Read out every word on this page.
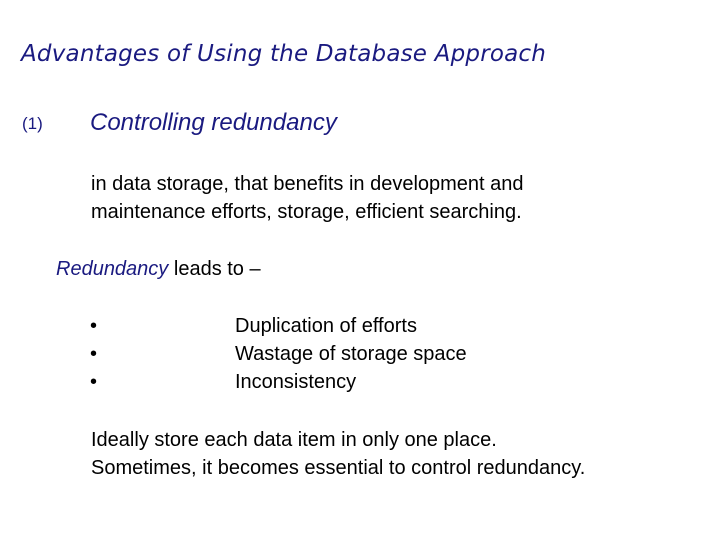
Advantages of Using the Database Approach
(1) Controlling redundancy
in data storage, that benefits in development and
maintenance efforts, storage, efficient searching.
Redundancy leads to –
•	Duplication of efforts
•	Wastage of storage space
•	Inconsistency
Ideally store each data item in only one place.
Sometimes, it becomes essential to control redundancy.
